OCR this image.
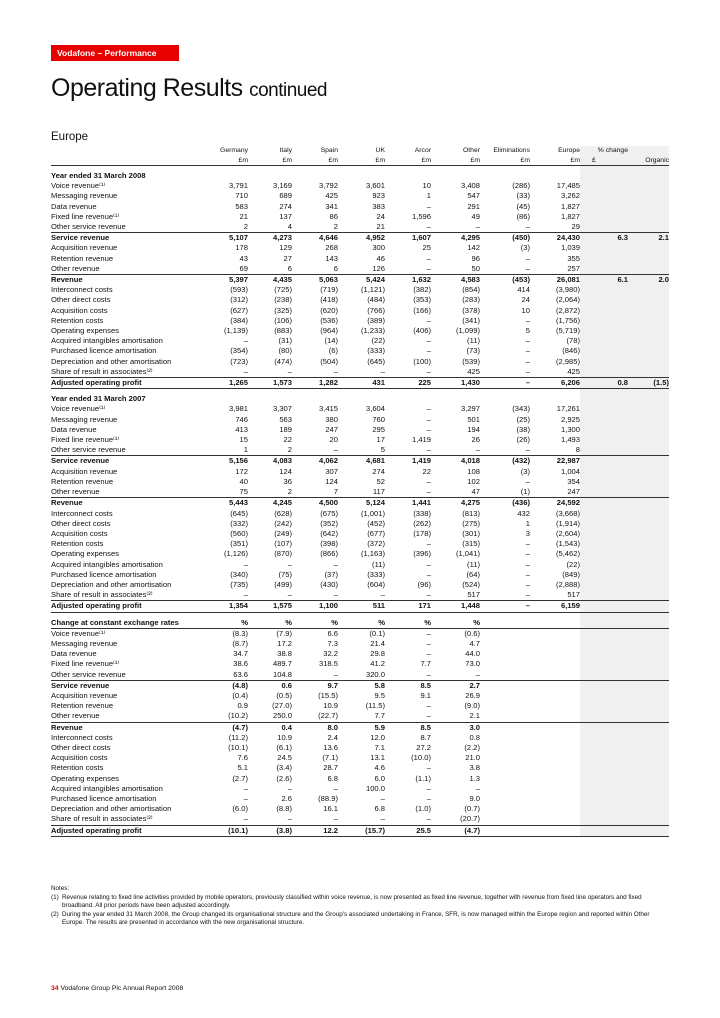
Vodafone – Performance
Operating Results continued
Europe
	Germany	Italy	Spain	UK	Arcor	Other	Eliminations	Europe	% change	
	£m	£m	£m	£m	£m	£m	£m	£m	£	Organic
Year ended 31 March 2008										
Voice revenue⁽¹⁾	3,791	3,169	3,792	3,601	10	3,408	(286)	17,485		
Messaging revenue	710	689	425	923	1	547	(33)	3,262		
Data revenue	583	274	341	383	–	291	(45)	1,827		
Fixed line revenue⁽¹⁾	21	137	86	24	1,596	49	(86)	1,827		
Other service revenue	2	4	2	21	–	–	–	29		
Service revenue	5,107	4,273	4,646	4,952	1,607	4,295	(450)	24,430	6.3	2.1
Acquisition revenue	178	129	268	300	25	142	(3)	1,039		
Retention revenue	43	27	143	46	–	96	–	355		
Other revenue	69	6	6	126	–	50	–	257		
Revenue	5,397	4,435	5,063	5,424	1,632	4,583	(453)	26,081	6.1	2.0
Interconnect costs	(593)	(725)	(719)	(1,121)	(382)	(854)	414	(3,980)		
Other direct costs	(312)	(238)	(418)	(484)	(353)	(283)	24	(2,064)		
Acquisition costs	(627)	(325)	(620)	(766)	(166)	(378)	10	(2,872)		
Retention costs	(384)	(106)	(536)	(389)	–	(341)	–	(1,756)		
Operating expenses	(1,139)	(883)	(964)	(1,233)	(406)	(1,099)	5	(5,719)		
Acquired intangibles amortisation	–	(31)	(14)	(22)	–	(11)	–	(78)		
Purchased licence amortisation	(354)	(80)	(6)	(333)	–	(73)	–	(846)		
Depreciation and other amortisation	(723)	(474)	(504)	(645)	(100)	(539)	–	(2,985)		
Share of result in associates⁽²⁾	–	–	–	–	–	425	–	425		
Adjusted operating profit	1,265	1,573	1,282	431	225	1,430	–	6,206	0.8	(1.5)
Year ended 31 March 2007										
Voice revenue⁽¹⁾	3,981	3,307	3,415	3,604	–	3,297	(343)	17,261		
Messaging revenue	746	563	380	760	–	501	(25)	2,925		
Data revenue	413	189	247	295	–	194	(38)	1,300		
Fixed line revenue⁽¹⁾	15	22	20	17	1,419	26	(26)	1,493		
Other service revenue	1	2	–	5	–	–	–	8		
Service revenue	5,156	4,083	4,062	4,681	1,419	4,018	(432)	22,987		
Acquisition revenue	172	124	307	274	22	108	(3)	1,004		
Retention revenue	40	36	124	52	–	102	–	354		
Other revenue	75	2	7	117	–	47	(1)	247		
Revenue	5,443	4,245	4,500	5,124	1,441	4,275	(436)	24,592		
Interconnect costs	(645)	(628)	(675)	(1,001)	(338)	(813)	432	(3,668)		
Other direct costs	(332)	(242)	(352)	(452)	(262)	(275)	1	(1,914)		
Acquisition costs	(560)	(249)	(642)	(677)	(178)	(301)	3	(2,604)		
Retention costs	(351)	(107)	(398)	(372)	–	(315)	–	(1,543)		
Operating expenses	(1,126)	(870)	(866)	(1,163)	(396)	(1,041)	–	(5,462)		
Acquired intangibles amortisation	–	–	–	(11)	–	(11)	–	(22)		
Purchased licence amortisation	(340)	(75)	(37)	(333)	–	(64)	–	(849)		
Depreciation and other amortisation	(735)	(499)	(430)	(604)	(96)	(524)	–	(2,888)		
Share of result in associates⁽²⁾	–	–	–	–	–	517	–	517		
Adjusted operating profit	1,354	1,575	1,100	511	171	1,448	–	6,159		

Change at constant exchange rates	%	%	%	%	%	%				
Voice revenue⁽¹⁾	(8.3)	(7.9)	6.6	(0.1)	–	(0.6)				
Messaging revenue	(8.7)	17.2	7.3	21.4	–	4.7				
Data revenue	34.7	38.8	32.2	29.8	–	44.0				
Fixed line revenue⁽¹⁾	38.6	489.7	318.5	41.2	7.7	73.0				
Other service revenue	63.6	104.8	–	320.0	–	–				
Service revenue	(4.8)	0.6	9.7	5.8	8.5	2.7				
Acquisition revenue	(0.4)	(0.5)	(15.5)	9.5	9.1	26.9				
Retention revenue	0.9	(27.0)	10.9	(11.5)	–	(9.0)				
Other revenue	(10.2)	250.0	(22.7)	7.7	–	2.1				
Revenue	(4.7)	0.4	8.0	5.9	8.5	3.0				
Interconnect costs	(11.2)	10.9	2.4	12.0	8.7	0.8				
Other direct costs	(10.1)	(6.1)	13.6	7.1	27.2	(2.2)				
Acquisition costs	7.6	24.5	(7.1)	13.1	(10.0)	21.0				
Retention costs	5.1	(3.4)	28.7	4.6	–	3.8				
Operating expenses	(2.7)	(2.6)	6.8	6.0	(1.1)	1.3				
Acquired intangibles amortisation	–	–	–	100.0	–	–				
Purchased licence amortisation	–	2.6	(88.9)	–	–	9.0				
Depreciation and other amortisation	(6.0)	(8.8)	16.1	6.8	(1.0)	(0.7)				
Share of result in associates⁽²⁾	–	–	–	–	–	(20.7)				
Adjusted operating profit	(10.1)	(3.8)	12.2	(15.7)	25.5	(4.7)				
Notes:
(1) Revenue relating to fixed line activities provided by mobile operators, previously classified within voice revenue, is now presented as fixed line revenue, together with revenue from fixed line operators and fixed broadband. All prior periods have been adjusted accordingly.
(2) During the year ended 31 March 2008, the Group changed its organisational structure and the Group's associated undertaking in France, SFR, is now managed within the Europe region and reported within Other Europe. The results are presented in accordance with the new organisational structure.
34 Vodafone Group Plc Annual Report 2008
